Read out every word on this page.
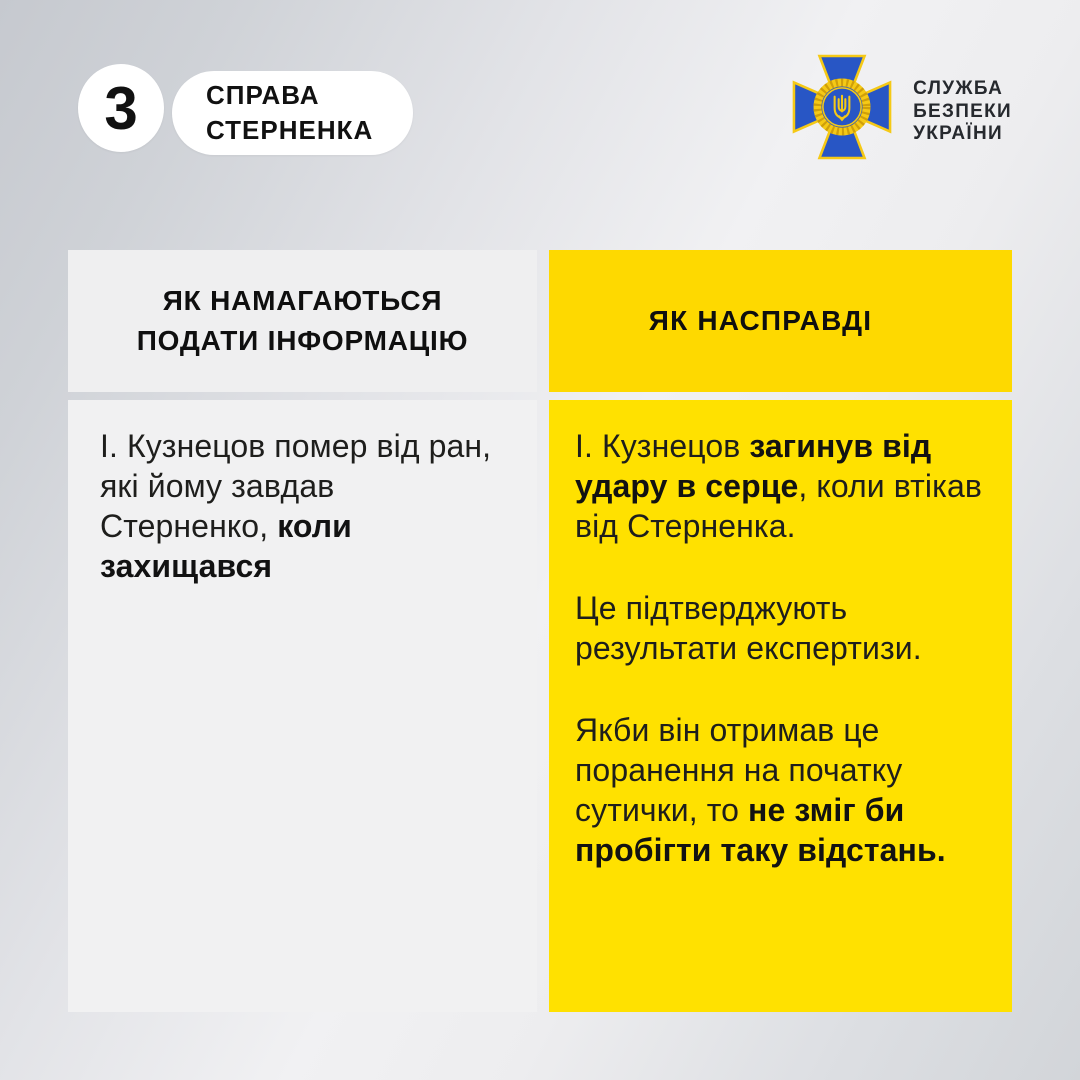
3	СПРАВА
СТЕРНЕНКА
СЛУЖБА
БЕЗПЕКИ
УКРАЇНИ
ЯК НАМАГАЮТЬСЯ ПОДАТИ ІНФОРМАЦІЮ
ЯК НАСПРАВДІ

І. Кузнецов помер від ран, які йому завдав Стерненко, коли захищався

І. Кузнецов загинув від удару в серце, коли втікав від Стерненка.

Це підтверджують результати експертизи.

Якби він отримав це поранення на початку сутички, то не зміг би пробігти таку відстань.
